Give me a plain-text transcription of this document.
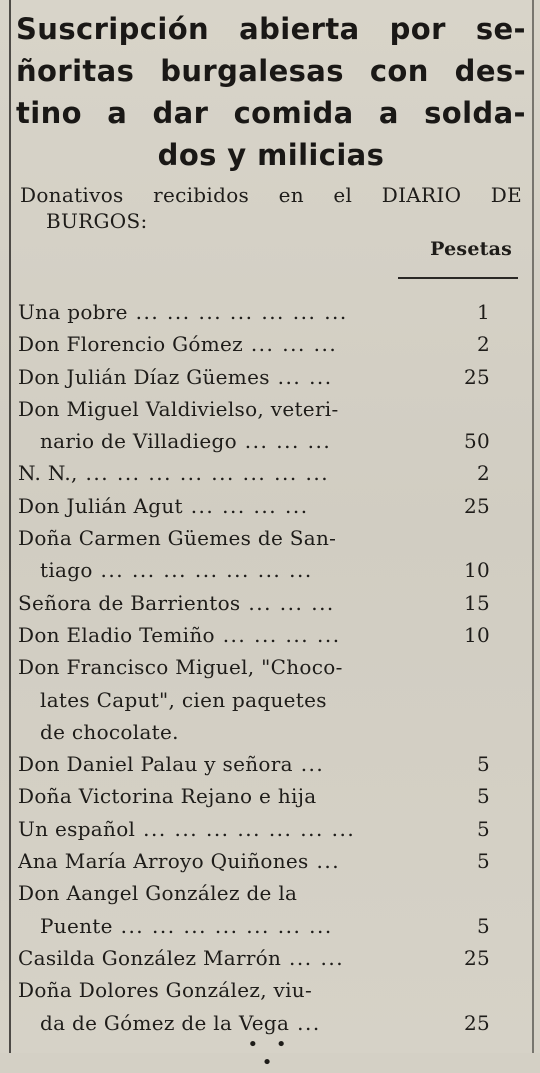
Suscripción abierta por se-
ñoritas burgalesas con des-
tino a dar comida a solda-
dos y milicias
Donativos recibidos en el DIARIO DE
BURGOS:
Pesetas
Una pobre ... ... ... ... ... ... ...	1
Don Florencio Gómez ... ... ...	2
Don Julián Díaz Güemes ... ...	25
Don Miguel Valdivielso, veteri-
nario de Villadiego ... ... ...	50
N. N., ... ... ... ... ... ... ... ...	2
Don Julián Agut ... ... ... ...	25
Doña Carmen Güemes de San-
tiago ... ... ... ... ... ... ...	10
Señora de Barrientos ... ... ...	15
Don Eladio Temiño ... ... ... ...	10
Don Francisco Miguel, "Choco-
lates Caput", cien paquetes
de chocolate.
Don Daniel Palau y señora ...	5
Doña Victorina Rejano e hija	5
Un español ... ... ... ... ... ... ...	5
Ana María Arroyo Quiñones ...	5
Don Aangel González de la
Puente ... ... ... ... ... ... ...	5
Casilda González Marrón ... ...	25
Doña Dolores González, viu-
da de Gómez de la Vega ...	25
• • •
